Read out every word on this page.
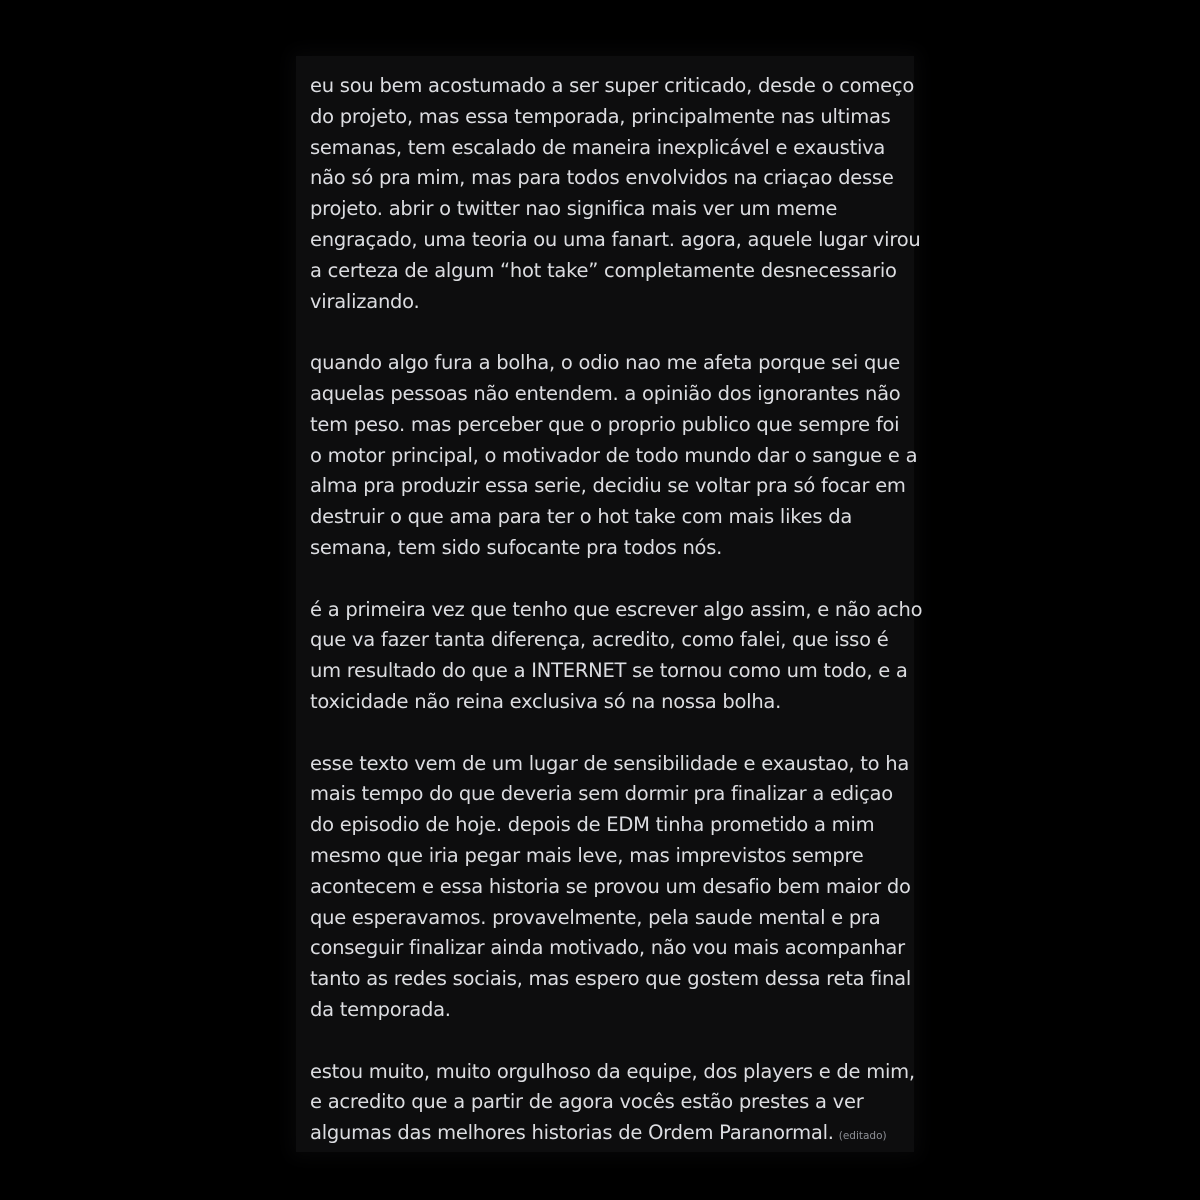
eu sou bem acostumado a ser super criticado, desde o começo
do projeto, mas essa temporada, principalmente nas ultimas
semanas, tem escalado de maneira inexplicável e exaustiva
não só pra mim, mas para todos envolvidos na criaçao desse
projeto. abrir o twitter nao significa mais ver um meme
engraçado, uma teoria ou uma fanart. agora, aquele lugar virou
a certeza de algum “hot take” completamente desnecessario
viralizando.

quando algo fura a bolha, o odio nao me afeta porque sei que
aquelas pessoas não entendem. a opinião dos ignorantes não
tem peso. mas perceber que o proprio publico que sempre foi
o motor principal, o motivador de todo mundo dar o sangue e a
alma pra produzir essa serie, decidiu se voltar pra só focar em
destruir o que ama para ter o hot take com mais likes da
semana, tem sido sufocante pra todos nós.

é a primeira vez que tenho que escrever algo assim, e não acho
que va fazer tanta diferença, acredito, como falei, que isso é
um resultado do que a INTERNET se tornou como um todo, e a
toxicidade não reina exclusiva só na nossa bolha.

esse texto vem de um lugar de sensibilidade e exaustao, to ha
mais tempo do que deveria sem dormir pra finalizar a ediçao
do episodio de hoje. depois de EDM tinha prometido a mim
mesmo que iria pegar mais leve, mas imprevistos sempre
acontecem e essa historia se provou um desafio bem maior do
que esperavamos. provavelmente, pela saude mental e pra
conseguir finalizar ainda motivado, não vou mais acompanhar
tanto as redes sociais, mas espero que gostem dessa reta final
da temporada.

estou muito, muito orgulhoso da equipe, dos players e de mim,
e acredito que a partir de agora vocês estão prestes a ver
algumas das melhores historias de Ordem Paranormal. (editado)
